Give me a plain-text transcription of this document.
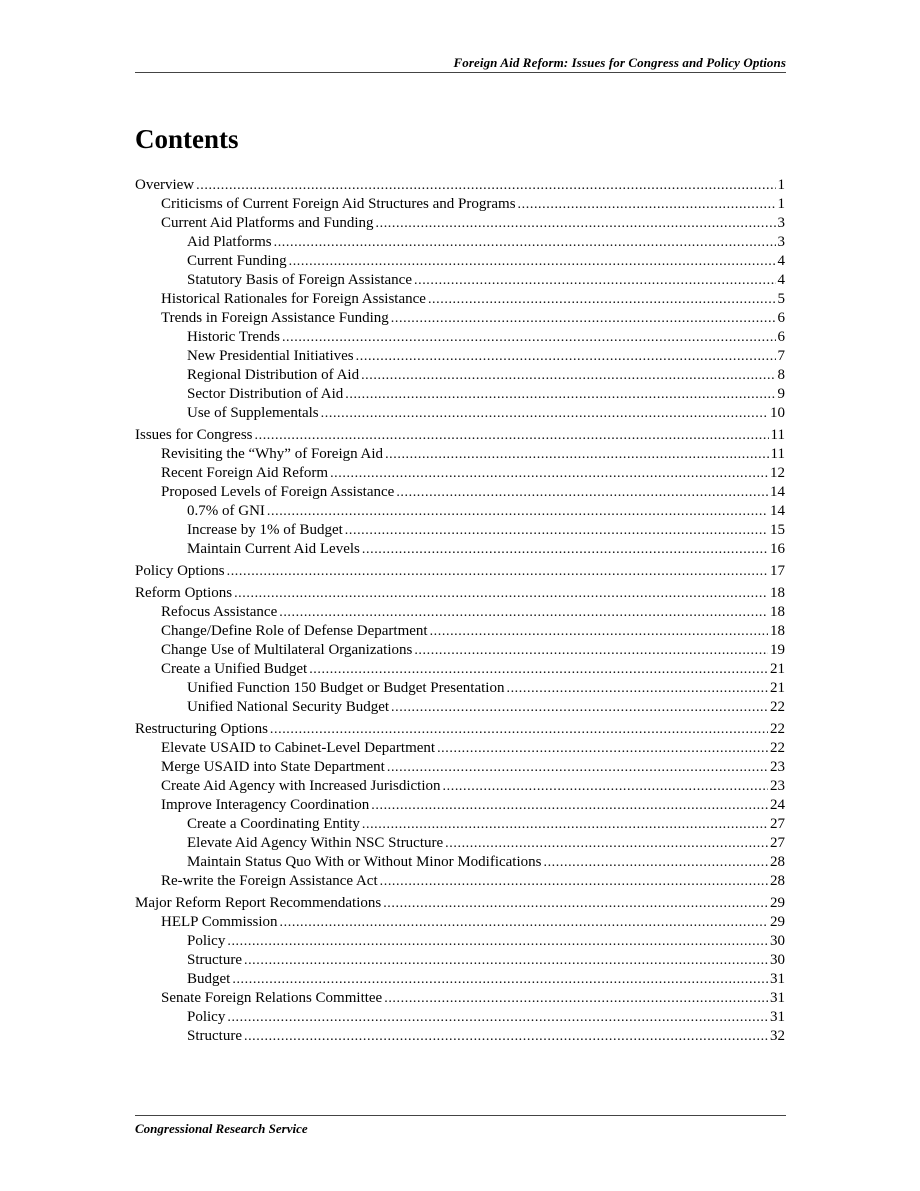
Foreign Aid Reform: Issues for Congress and Policy Options
Contents
Overview .....	1
Criticisms of Current Foreign Aid Structures and Programs .....	1
Current Aid Platforms and Funding .....	3
Aid Platforms .....	3
Current Funding .....	4
Statutory Basis of Foreign Assistance .....	4
Historical Rationales for Foreign Assistance .....	5
Trends in Foreign Assistance Funding .....	6
Historic Trends .....	6
New Presidential Initiatives .....	7
Regional Distribution of Aid .....	8
Sector Distribution of Aid .....	9
Use of Supplementals .....	10
Issues for Congress .....	11
Revisiting the “Why” of Foreign Aid .....	11
Recent Foreign Aid Reform .....	12
Proposed Levels of Foreign Assistance .....	14
0.7% of GNI .....	14
Increase by 1% of Budget .....	15
Maintain Current Aid Levels .....	16
Policy Options .....	17
Reform Options .....	18
Refocus Assistance .....	18
Change/Define Role of Defense Department .....	18
Change Use of Multilateral Organizations .....	19
Create a Unified Budget .....	21
Unified Function 150 Budget or Budget Presentation .....	21
Unified National Security Budget .....	22
Restructuring Options .....	22
Elevate USAID to Cabinet-Level Department .....	22
Merge USAID into State Department .....	23
Create Aid Agency with Increased Jurisdiction .....	23
Improve Interagency Coordination .....	24
Create a Coordinating Entity .....	27
Elevate Aid Agency Within NSC Structure .....	27
Maintain Status Quo With or Without Minor Modifications .....	28
Re-write the Foreign Assistance Act .....	28
Major Reform Report Recommendations .....	29
HELP Commission .....	29
Policy .....	30
Structure .....	30
Budget .....	31
Senate Foreign Relations Committee .....	31
Policy .....	31
Structure .....	32
Congressional Research Service
